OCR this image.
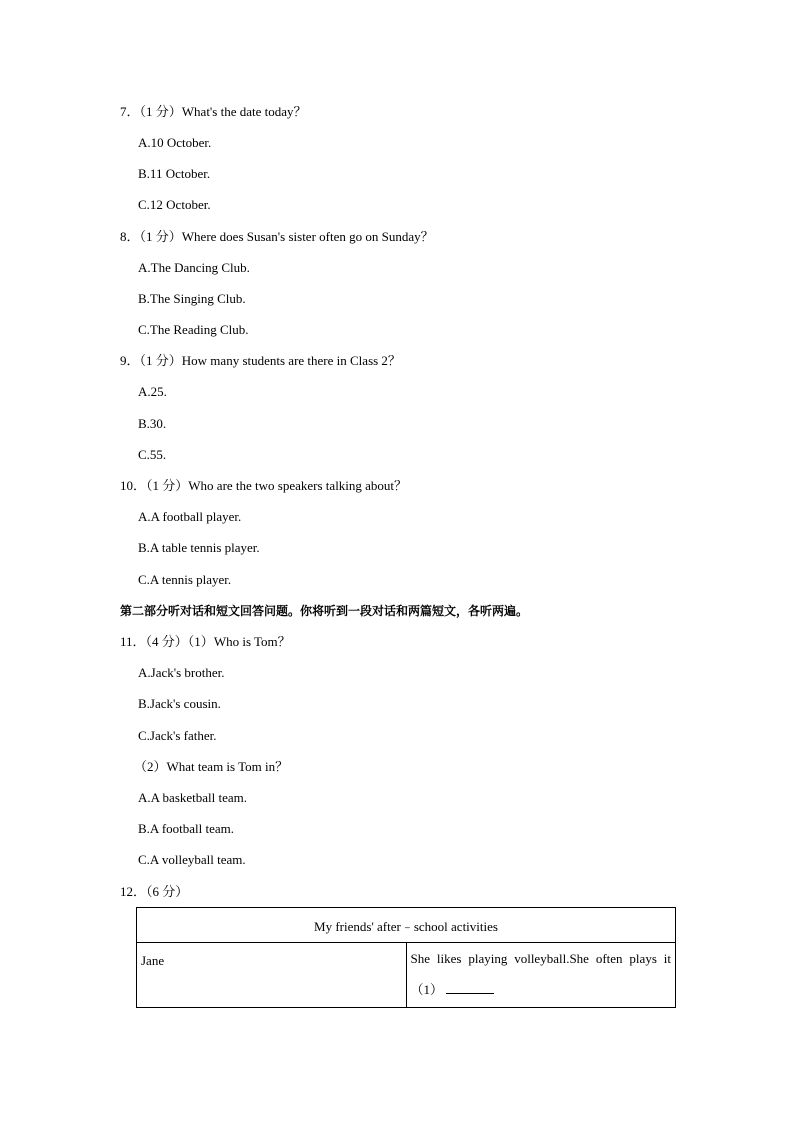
7．（1 分）What's the date today？
A.10 October.
B.11 October.
C.12 October.
8．（1 分）Where does Susan's sister often go on Sunday？
A.The Dancing Club.
B.The Singing Club.
C.The Reading Club.
9．（1 分）How many students are there in Class 2？
A.25.
B.30.
C.55.
10．（1 分）Who are the two speakers talking about？
A.A football player.
B.A table tennis player.
C.A tennis player.
第二部分听对话和短文回答问题。你将听到一段对话和两篇短文，各听两遍。
11．（4 分）（1）Who is Tom？
A.Jack's brother.
B.Jack's cousin.
C.Jack's father.
（2）What team is Tom in？
A.A basketball team.
B.A football team.
C.A volleyball team.
12．（6 分）
My friends' after﹣school activities
Jane	She likes playing volleyball.She often plays it
（1）
